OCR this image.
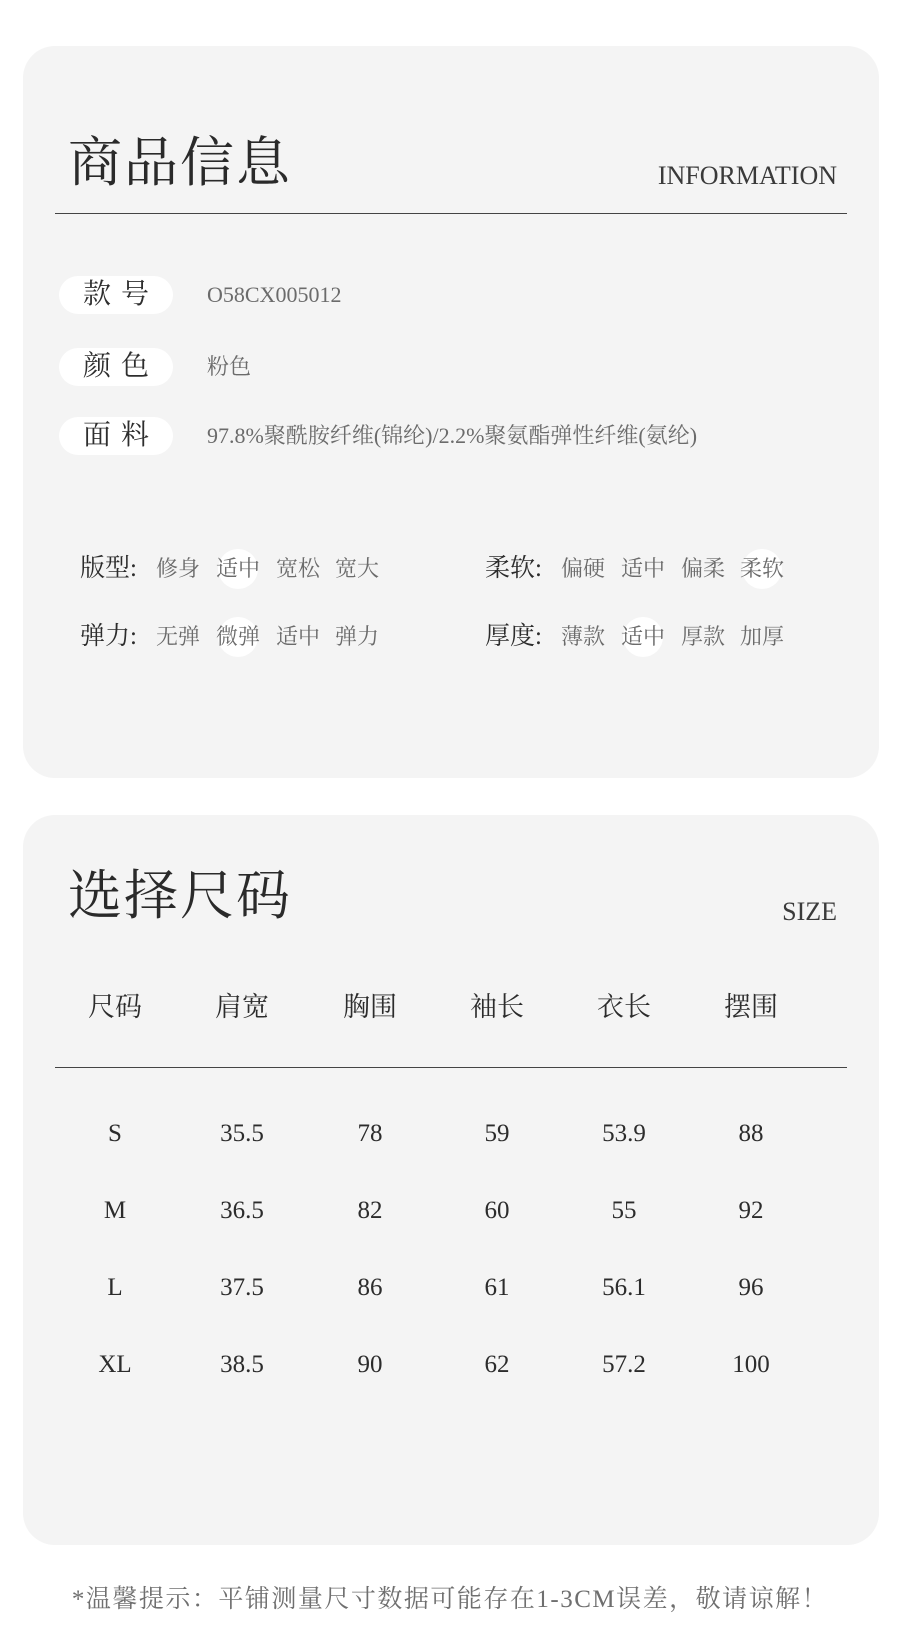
商品信息	INFORMATION
款号	O58CX005012
颜色	粉色
面料	97.8%聚酰胺纤维(锦纶)/2.2%聚氨酯弹性纤维(氨纶)
版型: 修身 适中 宽松 宽大	柔软: 偏硬 适中 偏柔 柔软
弹力: 无弹 微弹 适中 弹力	厚度: 薄款 适中 厚款 加厚
选择尺码	SIZE
尺码	肩宽	胸围	袖长	衣长	摆围
S	35.5	78	59	53.9	88
M	36.5	82	60	55	92
L	37.5	86	61	56.1	96
XL	38.5	90	62	57.2	100
*温馨提示：平铺测量尺寸数据可能存在1-3CM误差，敬请谅解！
